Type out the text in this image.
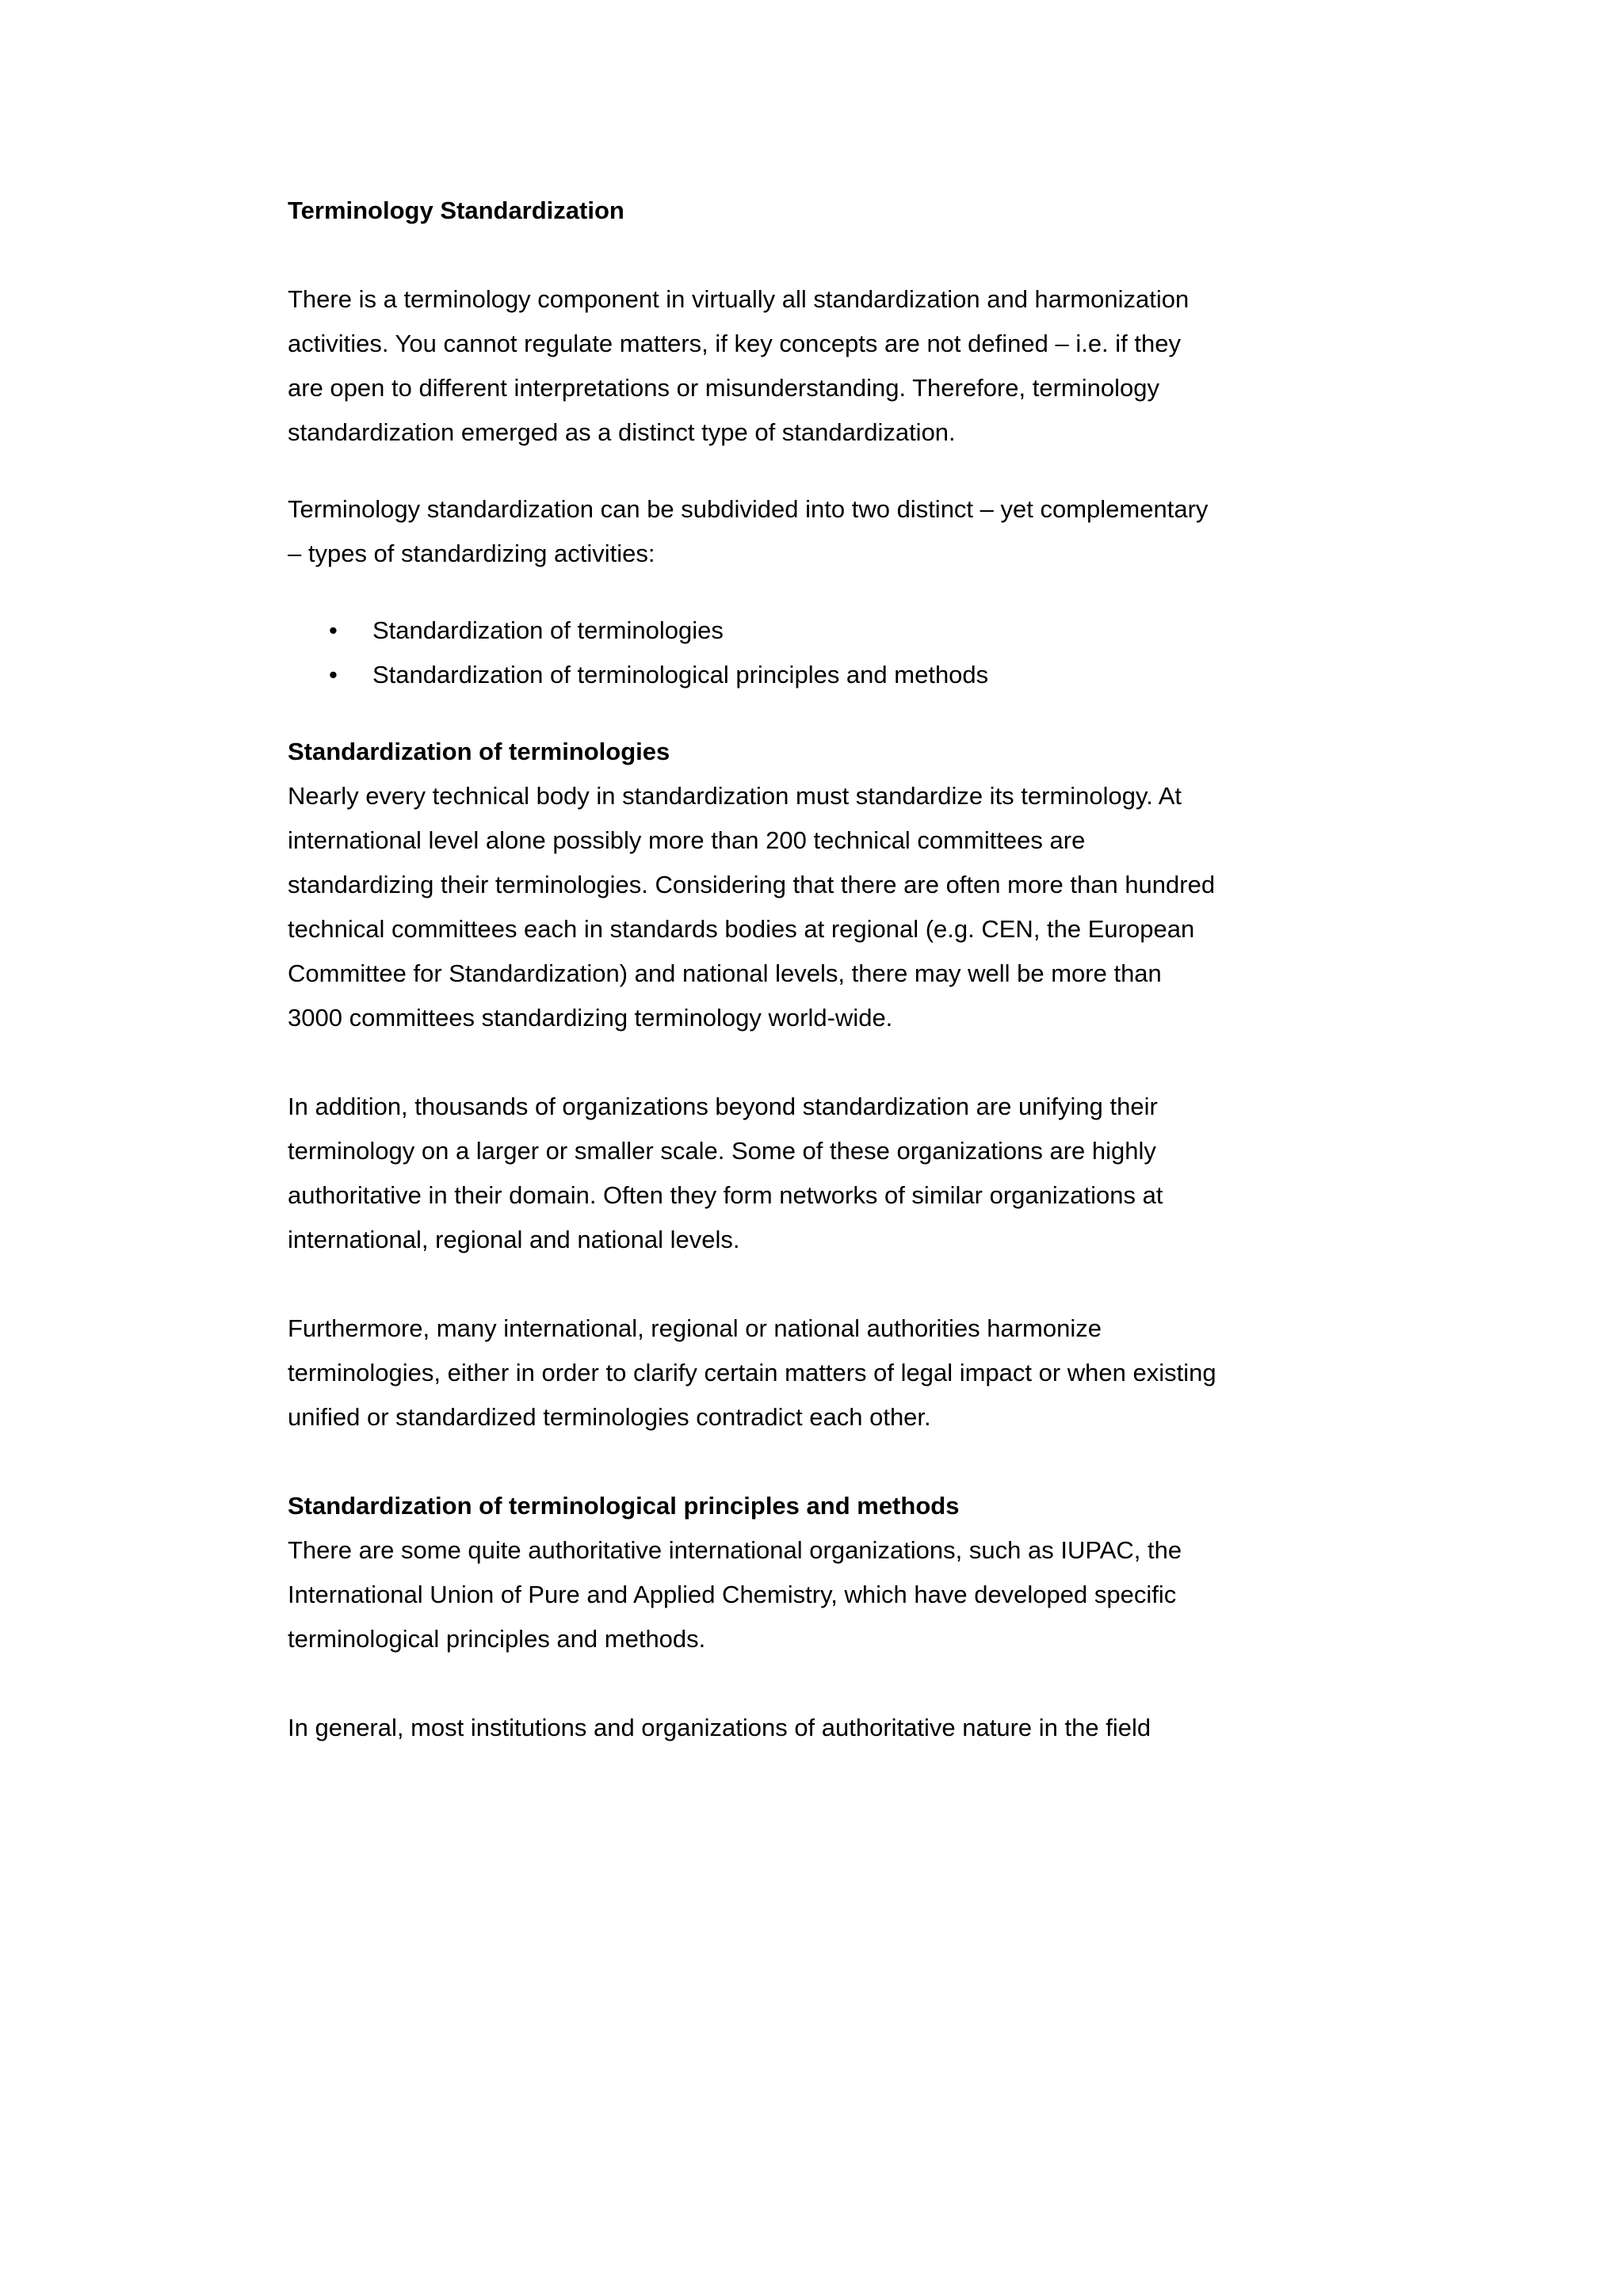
Terminology Standardization

There is a terminology component in virtually all standardization and harmonization activities. You cannot regulate matters, if key concepts are not defined – i.e. if they are open to different interpretations or misunderstanding. Therefore, terminology standardization emerged as a distinct type of standardization.

Terminology standardization can be subdivided into two distinct – yet complementary – types of standardizing activities:

• Standardization of terminologies
• Standardization of terminological principles and methods

Standardization of terminologies

Nearly every technical body in standardization must standardize its terminology. At international level alone possibly more than 200 technical committees are standardizing their terminologies. Considering that there are often more than hundred technical committees each in standards bodies at regional (e.g. CEN, the European Committee for Standardization) and national levels, there may well be more than 3000 committees standardizing terminology world-wide.

In addition, thousands of organizations beyond standardization are unifying their terminology on a larger or smaller scale. Some of these organizations are highly authoritative in their domain. Often they form networks of similar organizations at international, regional and national levels.

Furthermore, many international, regional or national authorities harmonize terminologies, either in order to clarify certain matters of legal impact or when existing unified or standardized terminologies contradict each other.

Standardization of terminological principles and methods

There are some quite authoritative international organizations, such as IUPAC, the International Union of Pure and Applied Chemistry, which have developed specific terminological principles and methods.

In general, most institutions and organizations of authoritative nature in the field
